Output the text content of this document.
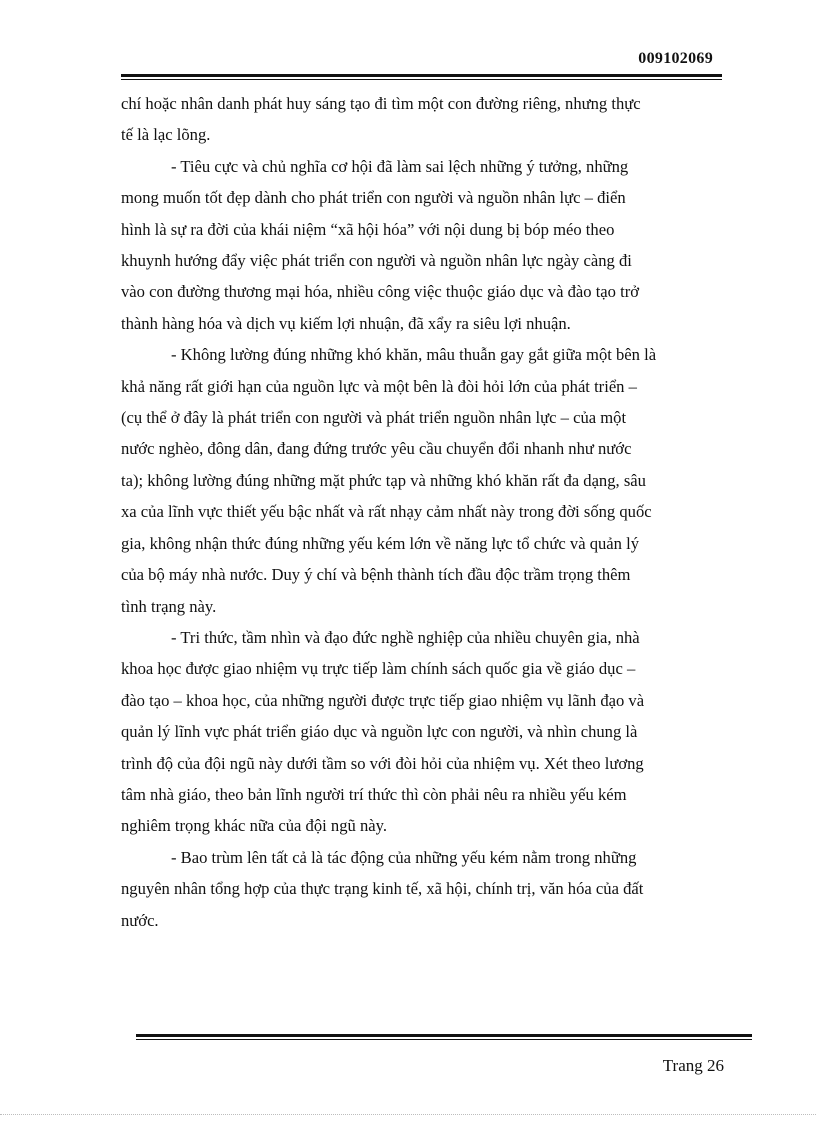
009102069

chí hoặc nhân danh phát huy sáng tạo đi tìm một con đường riêng, nhưng thực
tế là lạc lõng.

- Tiêu cực và chủ nghĩa cơ hội đã làm sai lệch những ý tưởng, những
mong muốn tốt đẹp dành cho phát triển con người và nguồn nhân lực – điển
hình là sự ra đời của khái niệm “xã hội hóa” với nội dung bị bóp méo theo
khuynh hướng đẩy việc phát triển con người và nguồn nhân lực ngày càng đi
vào con đường thương mại hóa, nhiều công việc thuộc giáo dục và đào tạo trở
thành hàng hóa và dịch vụ kiếm lợi nhuận, đã xẩy ra siêu lợi nhuận.

- Không lường đúng những khó khăn, mâu thuẫn gay gắt giữa một bên là
khả năng rất giới hạn của nguồn lực và một bên là đòi hỏi lớn của phát triển –
(cụ thể ở đây là phát triển con người và phát triển nguồn nhân lực – của một
nước nghèo, đông dân, đang đứng trước yêu cầu chuyển đổi nhanh như nước
ta); không lường đúng những mặt phức tạp và những khó khăn rất đa dạng, sâu
xa của lĩnh vực thiết yếu bậc nhất và rất nhạy cảm nhất này trong đời sống quốc
gia, không nhận thức đúng những yếu kém lớn về năng lực tổ chức và quản lý
của bộ máy nhà nước. Duy ý chí và bệnh thành tích đầu độc trầm trọng thêm
tình trạng này.

- Tri thức, tầm nhìn và đạo đức nghề nghiệp của nhiều chuyên gia, nhà
khoa học được giao nhiệm vụ trực tiếp làm chính sách quốc gia về giáo dục –
đào tạo – khoa học, của những người được trực tiếp giao nhiệm vụ lãnh đạo và
quản lý lĩnh vực phát triển giáo dục và nguồn lực con người, và nhìn chung là
trình độ của đội ngũ này dưới tầm so với đòi hỏi của nhiệm vụ. Xét theo lương
tâm nhà giáo, theo bản lĩnh người trí thức thì còn phải nêu ra nhiều yếu kém
nghiêm trọng khác nữa của đội ngũ này.

- Bao trùm lên tất cả là tác động của những yếu kém nằm trong những
nguyên nhân tổng hợp của thực trạng kinh tế, xã hội, chính trị, văn hóa của đất
nước.

Trang 26
